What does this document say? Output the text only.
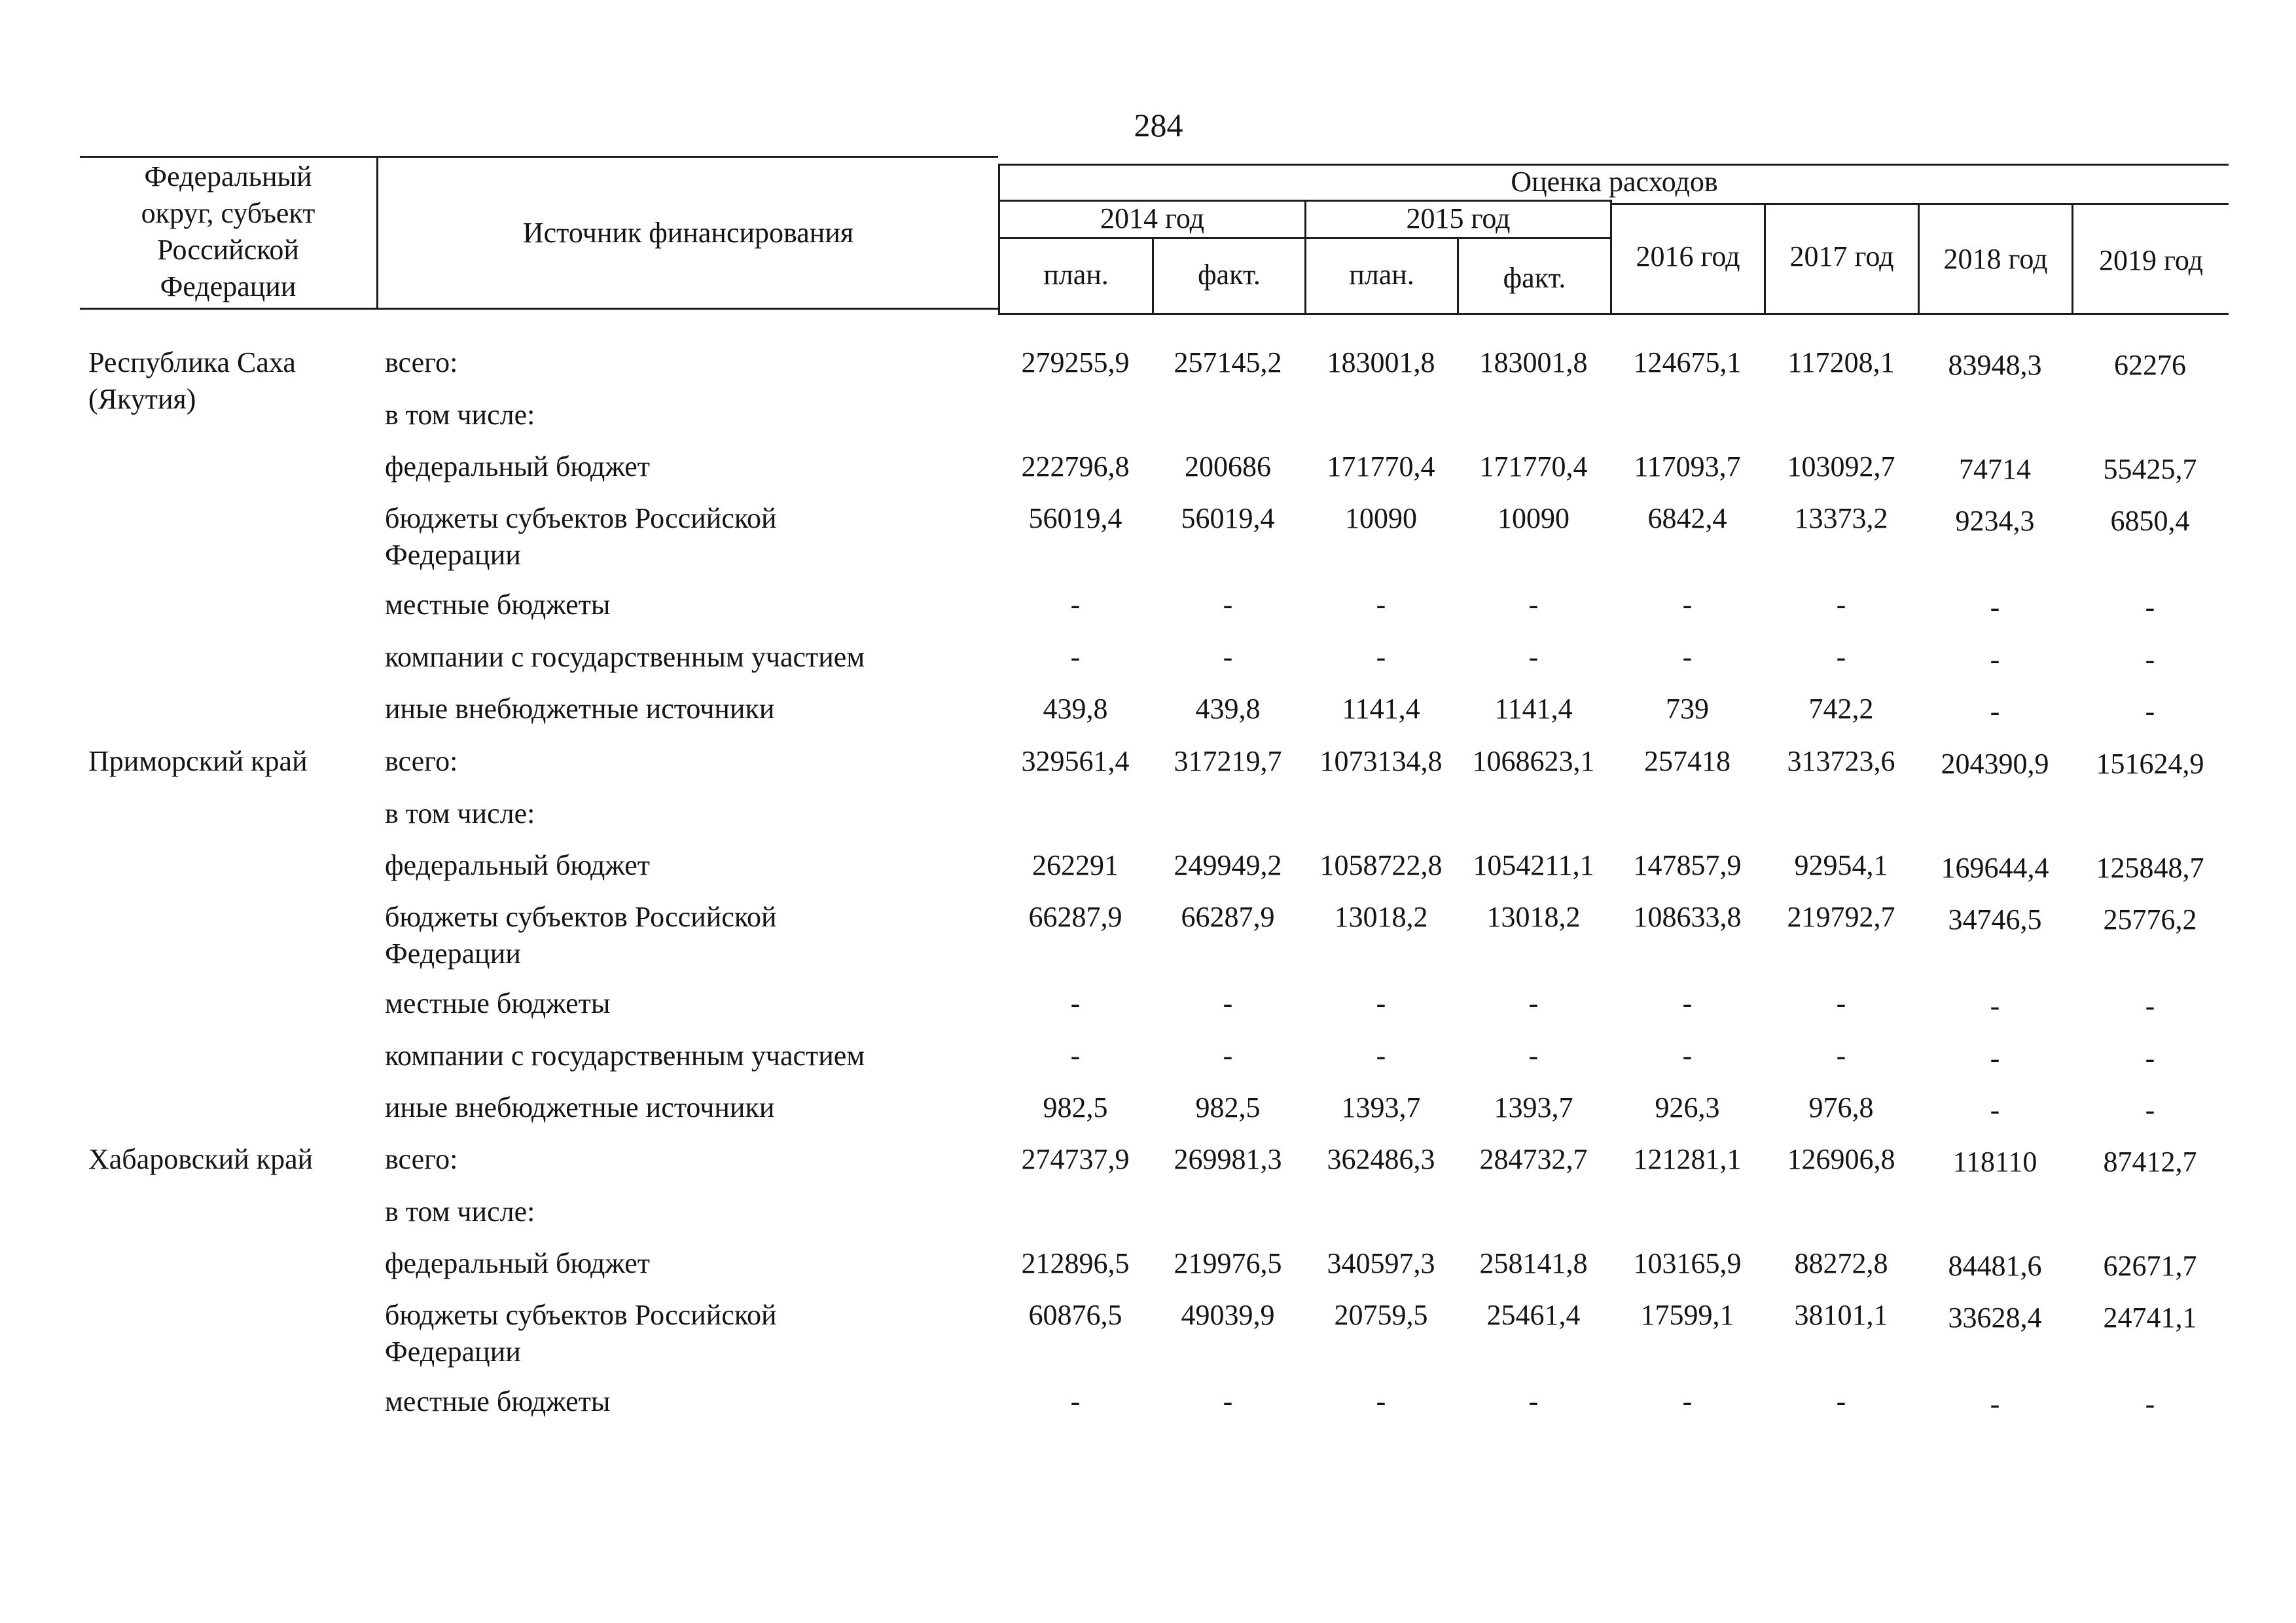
284
Федеральный
округ, субъект
Российской
Федерации
Источник финансирования
Оценка расходов
2014 год	2015 год
план.	факт.	план.	факт.
2016 год	2017 год	2018 год	2019 год
Республика Саха
(Якутия)
всего:	279255,9	257145,2	183001,8	183001,8	124675,1	117208,1	83948,3	62276
в том числе:
федеральный бюджет	222796,8	200686	171770,4	171770,4	117093,7	103092,7	74714	55425,7
бюджеты субъектов Российской
Федерации
56019,4	56019,4	10090	10090	6842,4	13373,2	9234,3	6850,4
местные бюджеты	-	-	-	-	-	-	-	-
компании с государственным участием	-	-	-	-	-	-	-	-
иные внебюджетные источники	439,8	439,8	1141,4	1141,4	739	742,2	-	-
Приморский край	всего:	329561,4	317219,7	1073134,8	1068623,1	257418	313723,6	204390,9	151624,9
в том числе:
федеральный бюджет	262291	249949,2	1058722,8	1054211,1	147857,9	92954,1	169644,4	125848,7
бюджеты субъектов Российской
Федерации
66287,9	66287,9	13018,2	13018,2	108633,8	219792,7	34746,5	25776,2
местные бюджеты	-	-	-	-	-	-	-	-
компании с государственным участием	-	-	-	-	-	-	-	-
иные внебюджетные источники	982,5	982,5	1393,7	1393,7	926,3	976,8	-	-
Хабаровский край	всего:	274737,9	269981,3	362486,3	284732,7	121281,1	126906,8	118110	87412,7
в том числе:
федеральный бюджет	212896,5	219976,5	340597,3	258141,8	103165,9	88272,8	84481,6	62671,7
бюджеты субъектов Российской
Федерации
60876,5	49039,9	20759,5	25461,4	17599,1	38101,1	33628,4	24741,1
местные бюджеты	-	-	-	-	-	-	-	-
